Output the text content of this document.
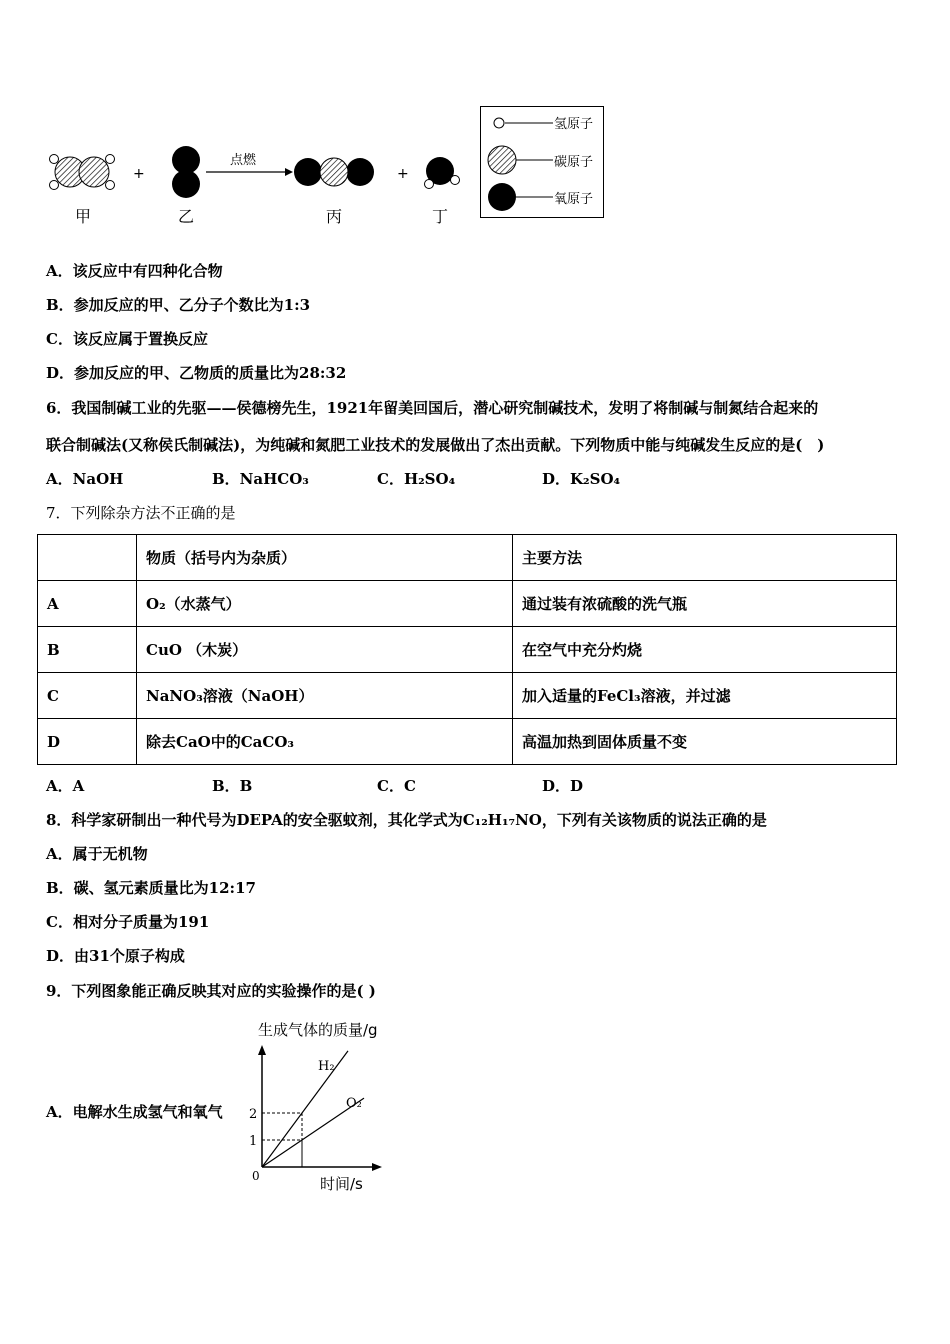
+
点燃
+
甲	乙	丙	丁
氢原子
碳原子
氧原子
A．该反应中有四种化合物
B．参加反应的甲、乙分子个数比为1:3
C．该反应属于置换反应
D．参加反应的甲、乙物质的质量比为28:32
6．我国制碱工业的先驱——侯德榜先生，1921年留美回国后，潜心研究制碱技术，发明了将制碱与制氮结合起来的
联合制碱法(又称侯氏制碱法)，为纯碱和氮肥工业技术的发展做出了杰出贡献。下列物质中能与纯碱发生反应的是(　)
A．NaOH	B．NaHCO₃	C．H₂SO₄	D．K₂SO₄
7．下列除杂方法不正确的是
	物质（括号内为杂质）	主要方法
A	O₂（水蒸气）	通过装有浓硫酸的洗气瓶
B	CuO （木炭）	在空气中充分灼烧
C	NaNO₃溶液（NaOH）	加入适量的FeCl₃溶液，并过滤
D	除去CaO中的CaCO₃	高温加热到固体质量不变
A．A	B．B	C．C	D．D
8．科学家研制出一种代号为DEPA的安全驱蚊剂，其化学式为C₁₂H₁₇NO，下列有关该物质的说法正确的是
A．属于无机物
B．碳、氢元素质量比为12:17
C．相对分子质量为191
D．由31个原子构成
9．下列图象能正确反映其对应的实验操作的是( )
A．电解水生成氢气和氧气
生成气体的质量/g
0	时间/s
1
2
H₂
O₂
